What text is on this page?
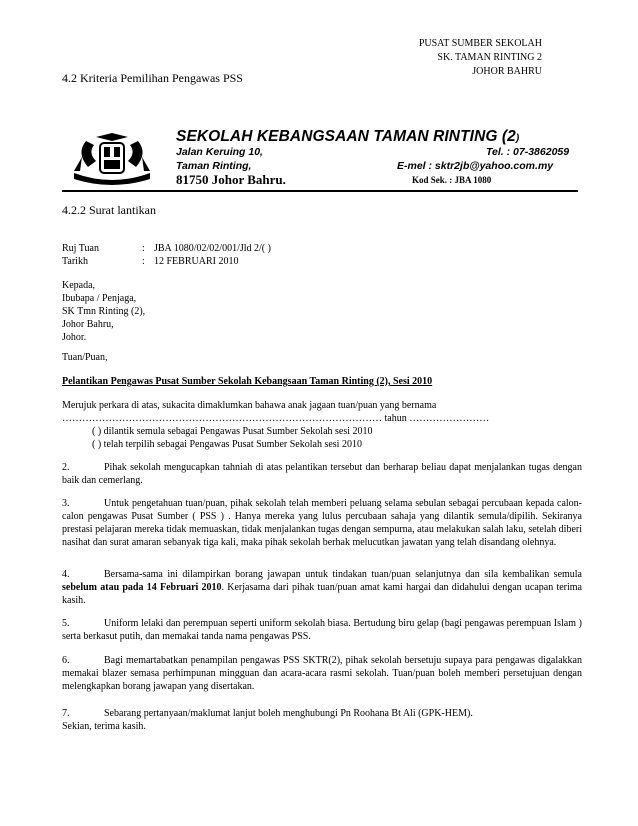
PUSAT SUMBER SEKOLAH
SK. TAMAN RINTING 2
JOHOR BAHRU
4.2 Kriteria Pemilihan Pengawas PSS
SEKOLAH KEBANGSAAN TAMAN RINTING (2)
Jalan Keruing 10,
Taman Rinting,
81750 Johor Bahru.
Tel. : 07-3862059
E-mel : sktr2jb@yahoo.com.my
Kod Sek. : JBA 1080
4.2.2 Surat lantikan
Ruj Tuan	: JBA 1080/02/02/001/Jld 2/( )
Tarikh	: 12 FEBRUARI 2010
Kepada,
Ibubapa / Penjaga,
SK Tmn Rinting (2),
Johor Bahru,
Johor.
Tuan/Puan,
Pelantikan Pengawas Pusat Sumber Sekolah Kebangsaan Taman Rinting (2), Sesi 2010
Merujuk perkara di atas, sukacita dimaklumkan bahawa anak jagaan tuan/puan yang bernama
…………………………………………………………………………………… tahun ……………………
( ) dilantik semula sebagai Pengawas Pusat Sumber Sekolah sesi 2010
( ) telah terpilih sebagai Pengawas Pusat Sumber Sekolah sesi 2010
2.	Pihak sekolah mengucapkan tahniah di atas pelantikan tersebut dan berharap beliau dapat menjalankan tugas dengan baik dan cemerlang.
3.	Untuk pengetahuan tuan/puan, pihak sekolah telah memberi peluang selama sebulan sebagai percubaan kepada calon-calon pengawas Pusat Sumber ( PSS ) . Hanya mereka yang lulus percubaan sahaja yang dilantik semula/dipilih. Sekiranya prestasi pelajaran mereka tidak memuaskan, tidak menjalankan tugas dengan sempurna, atau melakukan salah laku, setelah diberi nasihat dan surat amaran sebanyak tiga kali, maka pihak sekolah berhak melucutkan jawatan yang telah disandang olehnya.
4.	Bersama-sama ini dilampirkan borang jawapan untuk tindakan tuan/puan selanjutnya dan sila kembalikan semula sebelum atau pada 14 Februari 2010. Kerjasama dari pihak tuan/puan amat kami hargai dan didahului dengan ucapan terima kasih.
5.	Uniform lelaki dan perempuan seperti uniform sekolah biasa. Bertudung biru gelap (bagi pengawas perempuan Islam ) serta berkasut putih, dan memakai tanda nama pengawas PSS.
6.	Bagi memartabatkan penampilan pengawas PSS SKTR(2), pihak sekolah bersetuju supaya para pengawas digalakkan memakai blazer semasa perhimpunan mingguan dan acara-acara rasmi sekolah. Tuan/puan boleh memberi persetujuan dengan melengkapkan borang jawapan yang disertakan.
7.	Sebarang pertanyaan/maklumat lanjut boleh menghubungi Pn Roohana Bt Ali (GPK-HEM).
Sekian, terima kasih.
